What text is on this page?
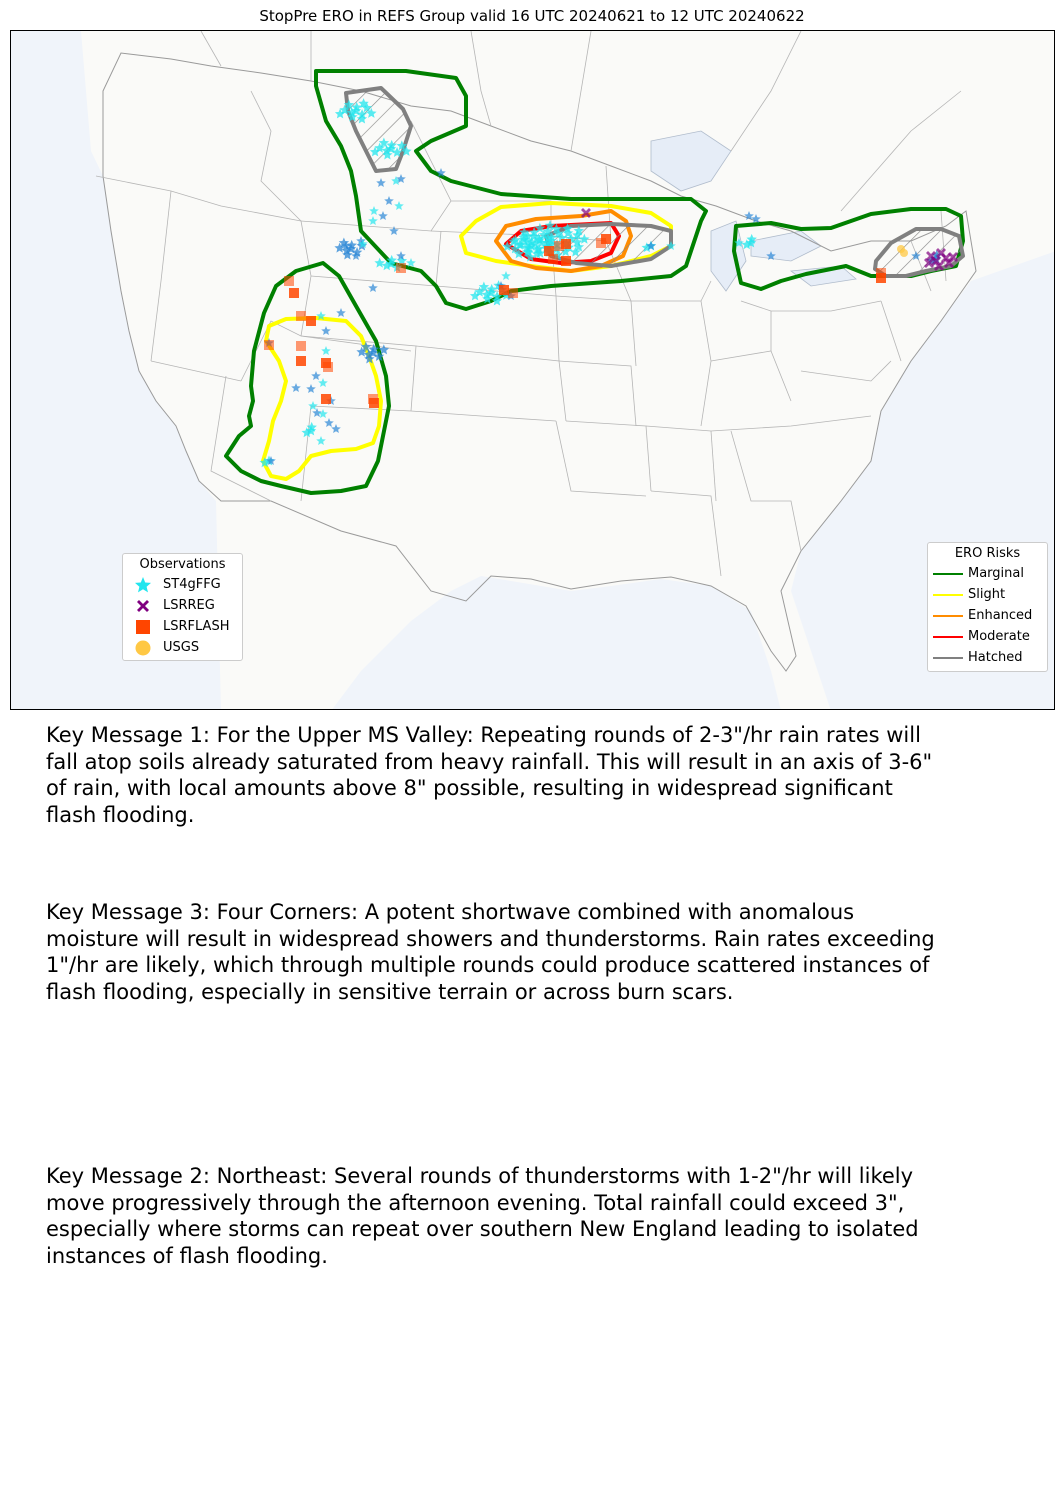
StopPre ERO in REFS Group valid 16 UTC 20240621 to 12 UTC 20240622
Observations
ST4gFFG
LSRREG
LSRFLASH
USGS
ERO Risks
Marginal
Slight
Enhanced
Moderate
Hatched
Key Message 1: For the Upper MS Valley: Repeating rounds of 2-3"/hr rain rates will fall atop soils already saturated from heavy rainfall. This will result in an axis of 3-6" of rain, with local amounts above 8" possible, resulting in widespread significant flash flooding.
Key Message 3: Four Corners: A potent shortwave combined with anomalous moisture will result in widespread showers and thunderstorms. Rain rates exceeding 1"/hr are likely, which through multiple rounds could produce scattered instances of flash flooding, especially in sensitive terrain or across burn scars.
Key Message 2: Northeast: Several rounds of thunderstorms with 1-2"/hr will likely move progressively through the afternoon evening. Total rainfall could exceed 3", especially where storms can repeat over southern New England leading to isolated instances of flash flooding.
